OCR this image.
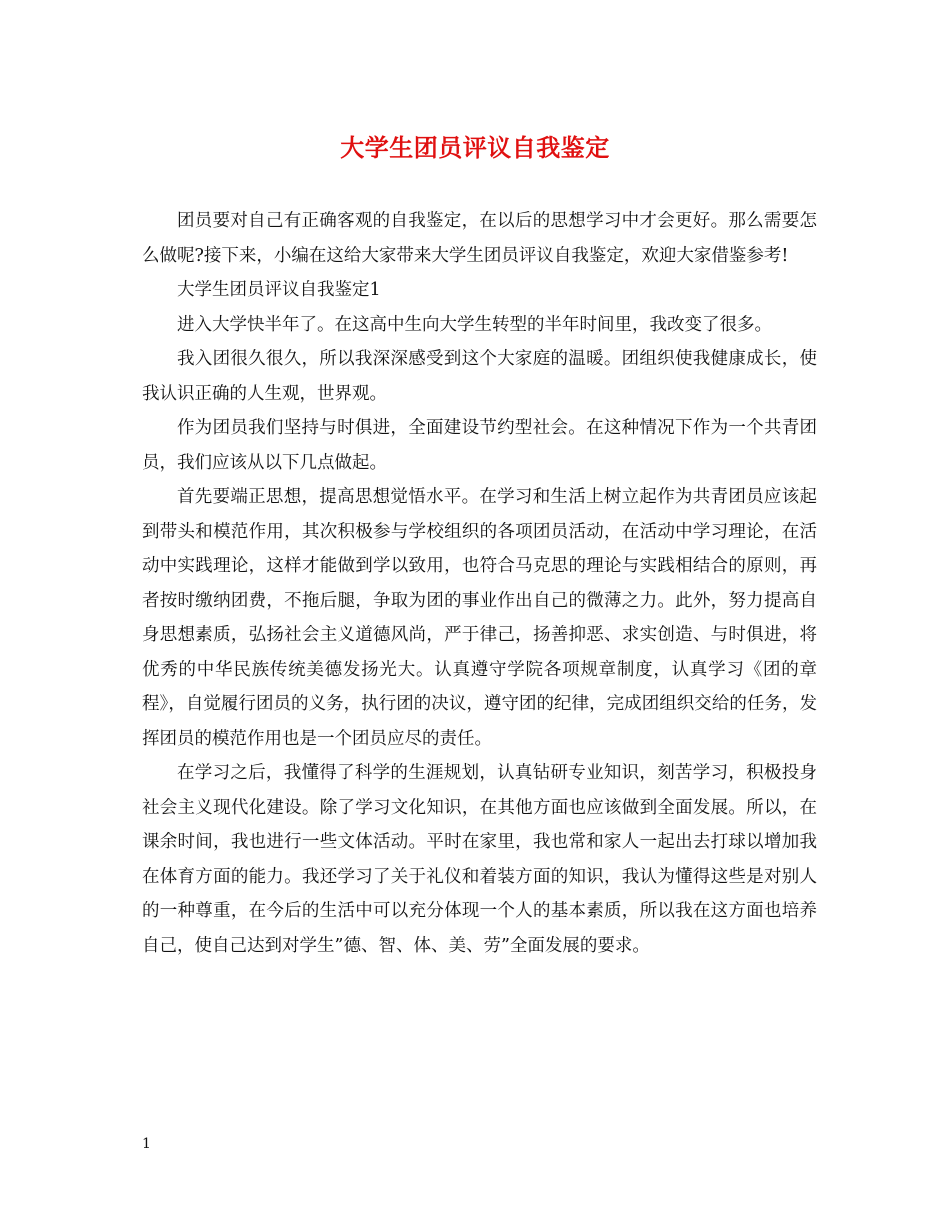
大学生团员评议自我鉴定

团员要对自己有正确客观的自我鉴定，在以后的思想学习中才会更好。那么需要怎么做呢?接下来，小编在这给大家带来大学生团员评议自我鉴定，欢迎大家借鉴参考!

大学生团员评议自我鉴定1

进入大学快半年了。在这高中生向大学生转型的半年时间里，我改变了很多。

我入团很久很久，所以我深深感受到这个大家庭的温暖。团组织使我健康成长，使我认识正确的人生观，世界观。

作为团员我们坚持与时俱进，全面建设节约型社会。在这种情况下作为一个共青团员，我们应该从以下几点做起。

首先要端正思想，提高思想觉悟水平。在学习和生活上树立起作为共青团员应该起到带头和模范作用，其次积极参与学校组织的各项团员活动，在活动中学习理论，在活动中实践理论，这样才能做到学以致用，也符合马克思的理论与实践相结合的原则，再者按时缴纳团费，不拖后腿，争取为团的事业作出自己的微薄之力。此外，努力提高自身思想素质，弘扬社会主义道德风尚，严于律己，扬善抑恶、求实创造、与时俱进，将优秀的中华民族传统美德发扬光大。认真遵守学院各项规章制度，认真学习《团的章程》，自觉履行团员的义务，执行团的决议，遵守团的纪律，完成团组织交给的任务，发挥团员的模范作用也是一个团员应尽的责任。

在学习之后，我懂得了科学的生涯规划，认真钻研专业知识，刻苦学习，积极投身社会主义现代化建设。除了学习文化知识，在其他方面也应该做到全面发展。所以，在课余时间，我也进行一些文体活动。平时在家里，我也常和家人一起出去打球以增加我在体育方面的能力。我还学习了关于礼仪和着装方面的知识，我认为懂得这些是对别人的一种尊重，在今后的生活中可以充分体现一个人的基本素质，所以我在这方面也培养自己，使自己达到对学生”德、智、体、美、劳”全面发展的要求。

1
